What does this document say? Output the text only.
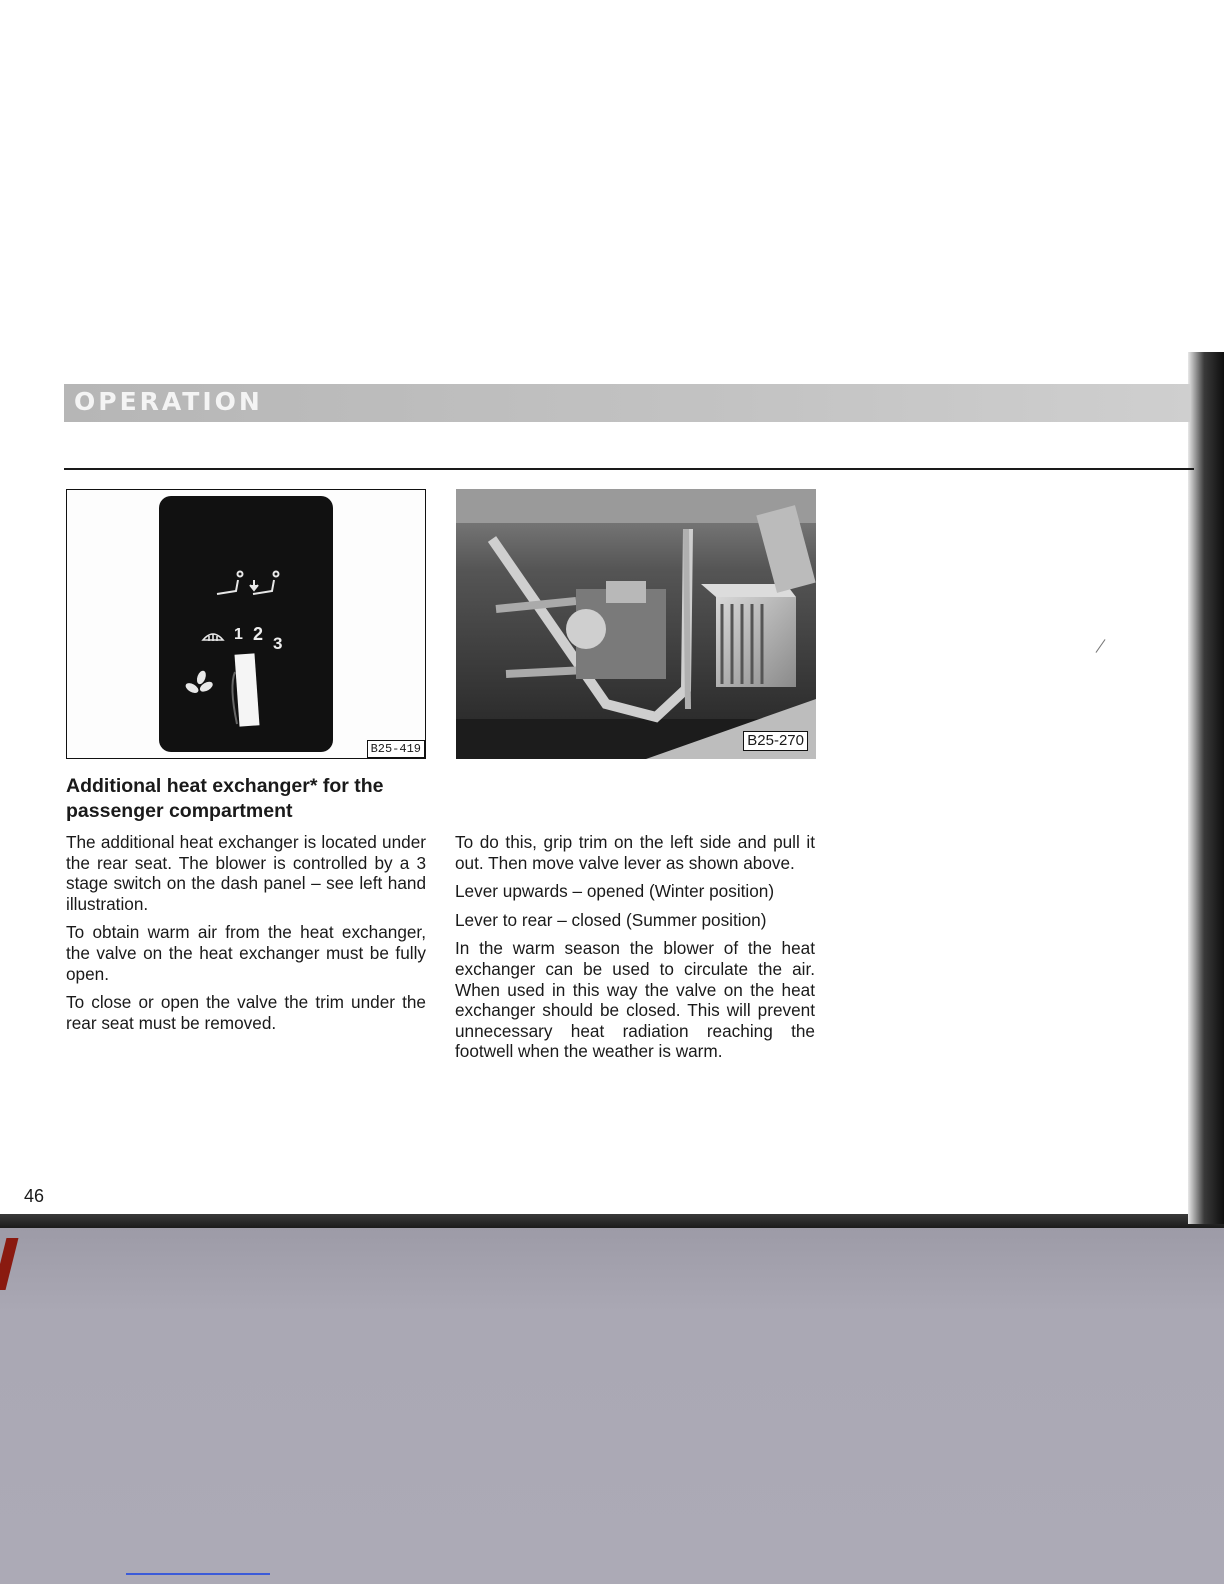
OPERATION
1 2 3
B25-419	B25-270
Additional heat exchanger* for the passenger compartment

The additional heat exchanger is located under the rear seat. The blower is controlled by a 3 stage switch on the dash panel – see left hand illustration.

To obtain warm air from the heat exchanger, the valve on the heat exchanger must be fully open.

To close or open the valve the trim under the rear seat must be removed.

To do this, grip trim on the left side and pull it out. Then move valve lever as shown above.

Lever upwards – opened (Winter position)

Lever to rear – closed (Summer position)

In the warm season the blower of the heat exchanger can be used to circulate the air. When used in this way the valve on the heat exchanger should be closed. This will prevent unnecessary heat radiation reaching the footwell when the weather is warm.

46
